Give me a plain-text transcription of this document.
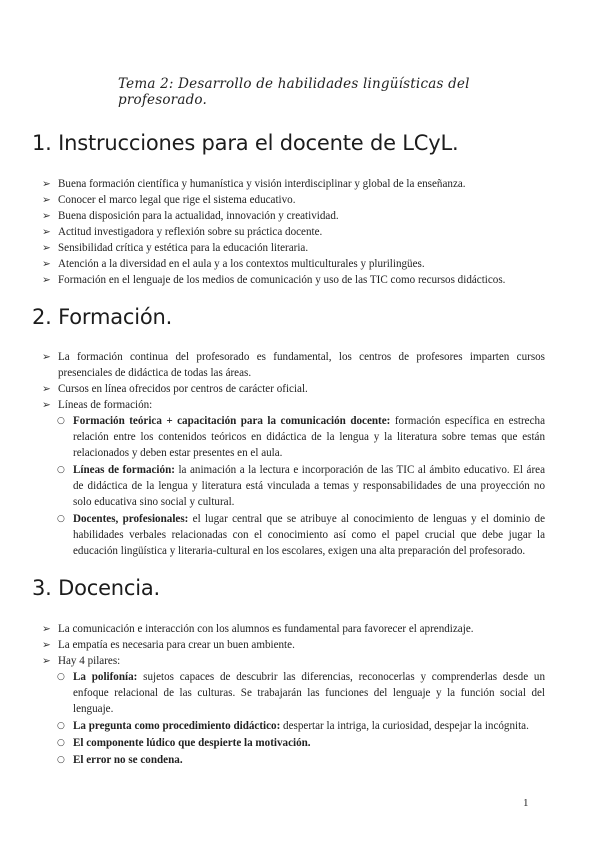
Tema 2: Desarrollo de habilidades lingüísticas del profesorado.
1. Instrucciones para el docente de LCyL.
➢ Buena formación científica y humanística y visión interdisciplinar y global de la enseñanza.
➢ Conocer el marco legal que rige el sistema educativo.
➢ Buena disposición para la actualidad, innovación y creatividad.
➢ Actitud investigadora y reflexión sobre su práctica docente.
➢ Sensibilidad crítica y estética para la educación literaria.
➢ Atención a la diversidad en el aula y a los contextos multiculturales y plurilingües.
➢ Formación en el lenguaje de los medios de comunicación y uso de las TIC como recursos didácticos.
2. Formación.
➢ La formación continua del profesorado es fundamental, los centros de profesores imparten cursos presenciales de didáctica de todas las áreas.
➢ Cursos en línea ofrecidos por centros de carácter oficial.
➢ Líneas de formación:
○ Formación teórica + capacitación para la comunicación docente: formación específica en estrecha relación entre los contenidos teóricos en didáctica de la lengua y la literatura sobre temas que están relacionados y deben estar presentes en el aula.
○ Líneas de formación: la animación a la lectura e incorporación de las TIC al ámbito educativo. El área de didáctica de la lengua y literatura está vinculada a temas y responsabilidades de una proyección no solo educativa sino social y cultural.
○ Docentes, profesionales: el lugar central que se atribuye al conocimiento de lenguas y el dominio de habilidades verbales relacionadas con el conocimiento así como el papel crucial que debe jugar la educación lingüística y literaria-cultural en los escolares, exigen una alta preparación del profesorado.
3. Docencia.
➢ La comunicación e interacción con los alumnos es fundamental para favorecer el aprendizaje.
➢ La empatía es necesaria para crear un buen ambiente.
➢ Hay 4 pilares:
○ La polifonía: sujetos capaces de descubrir las diferencias, reconocerlas y comprenderlas desde un enfoque relacional de las culturas. Se trabajarán las funciones del lenguaje y la función social del lenguaje.
○ La pregunta como procedimiento didáctico: despertar la intriga, la curiosidad, despejar la incógnita.
○ El componente lúdico que despierte la motivación.
○ El error no se condena.
1
